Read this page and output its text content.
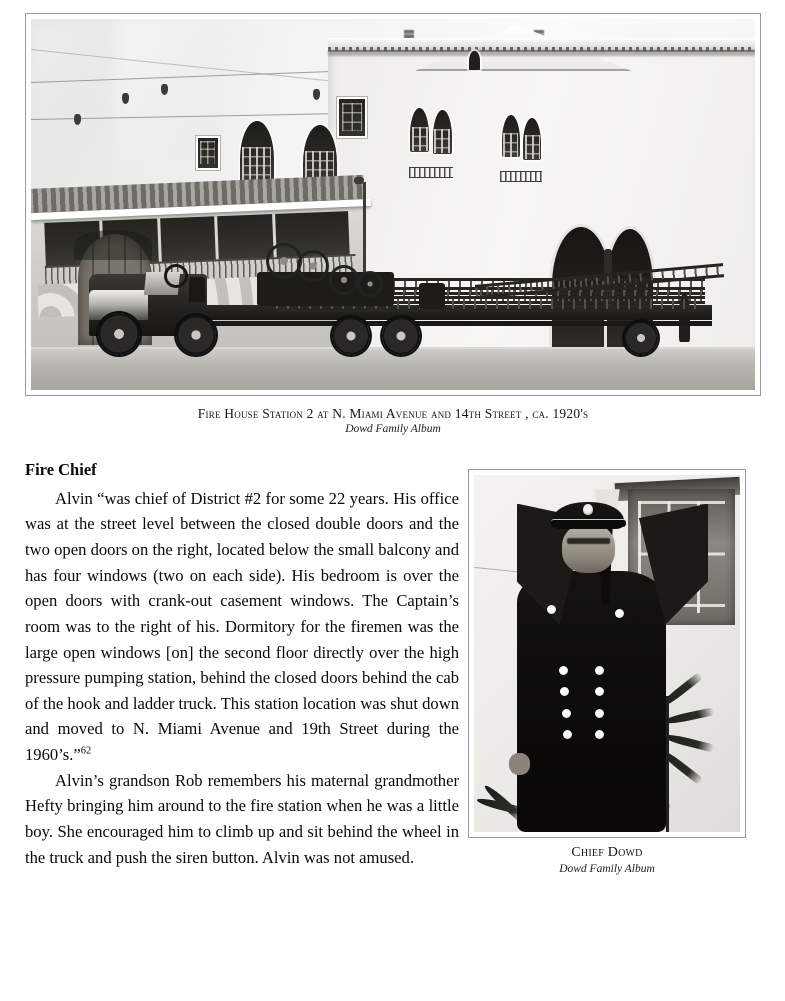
Fire House Station 2 at N. Miami Avenue and 14th Street , ca. 1920's
Dowd Family Album
Chief Dowd
Dowd Family Album
Fire Chief

Alvin “was chief of District #2 for some 22 years. His office was at the street level between the closed double doors and the two open doors on the right, located below the small balcony and has four windows (two on each side). His bedroom is over the open doors with crank-out casement windows. The Captain’s room was to the right of his. Dormitory for the firemen was the large open windows [on] the second floor directly over the high pressure pumping station, behind the closed doors behind the cab of the hook and ladder truck. This station location was shut down and moved to N. Miami Avenue and 19th Street during the 1960’s.”$^{62}$

Alvin’s grandson Rob remembers his maternal grandmother Hefty bringing him around to the fire station when he was a little boy. She encouraged him to climb up and sit behind the wheel in the truck and push the siren button. Alvin was not amused.
